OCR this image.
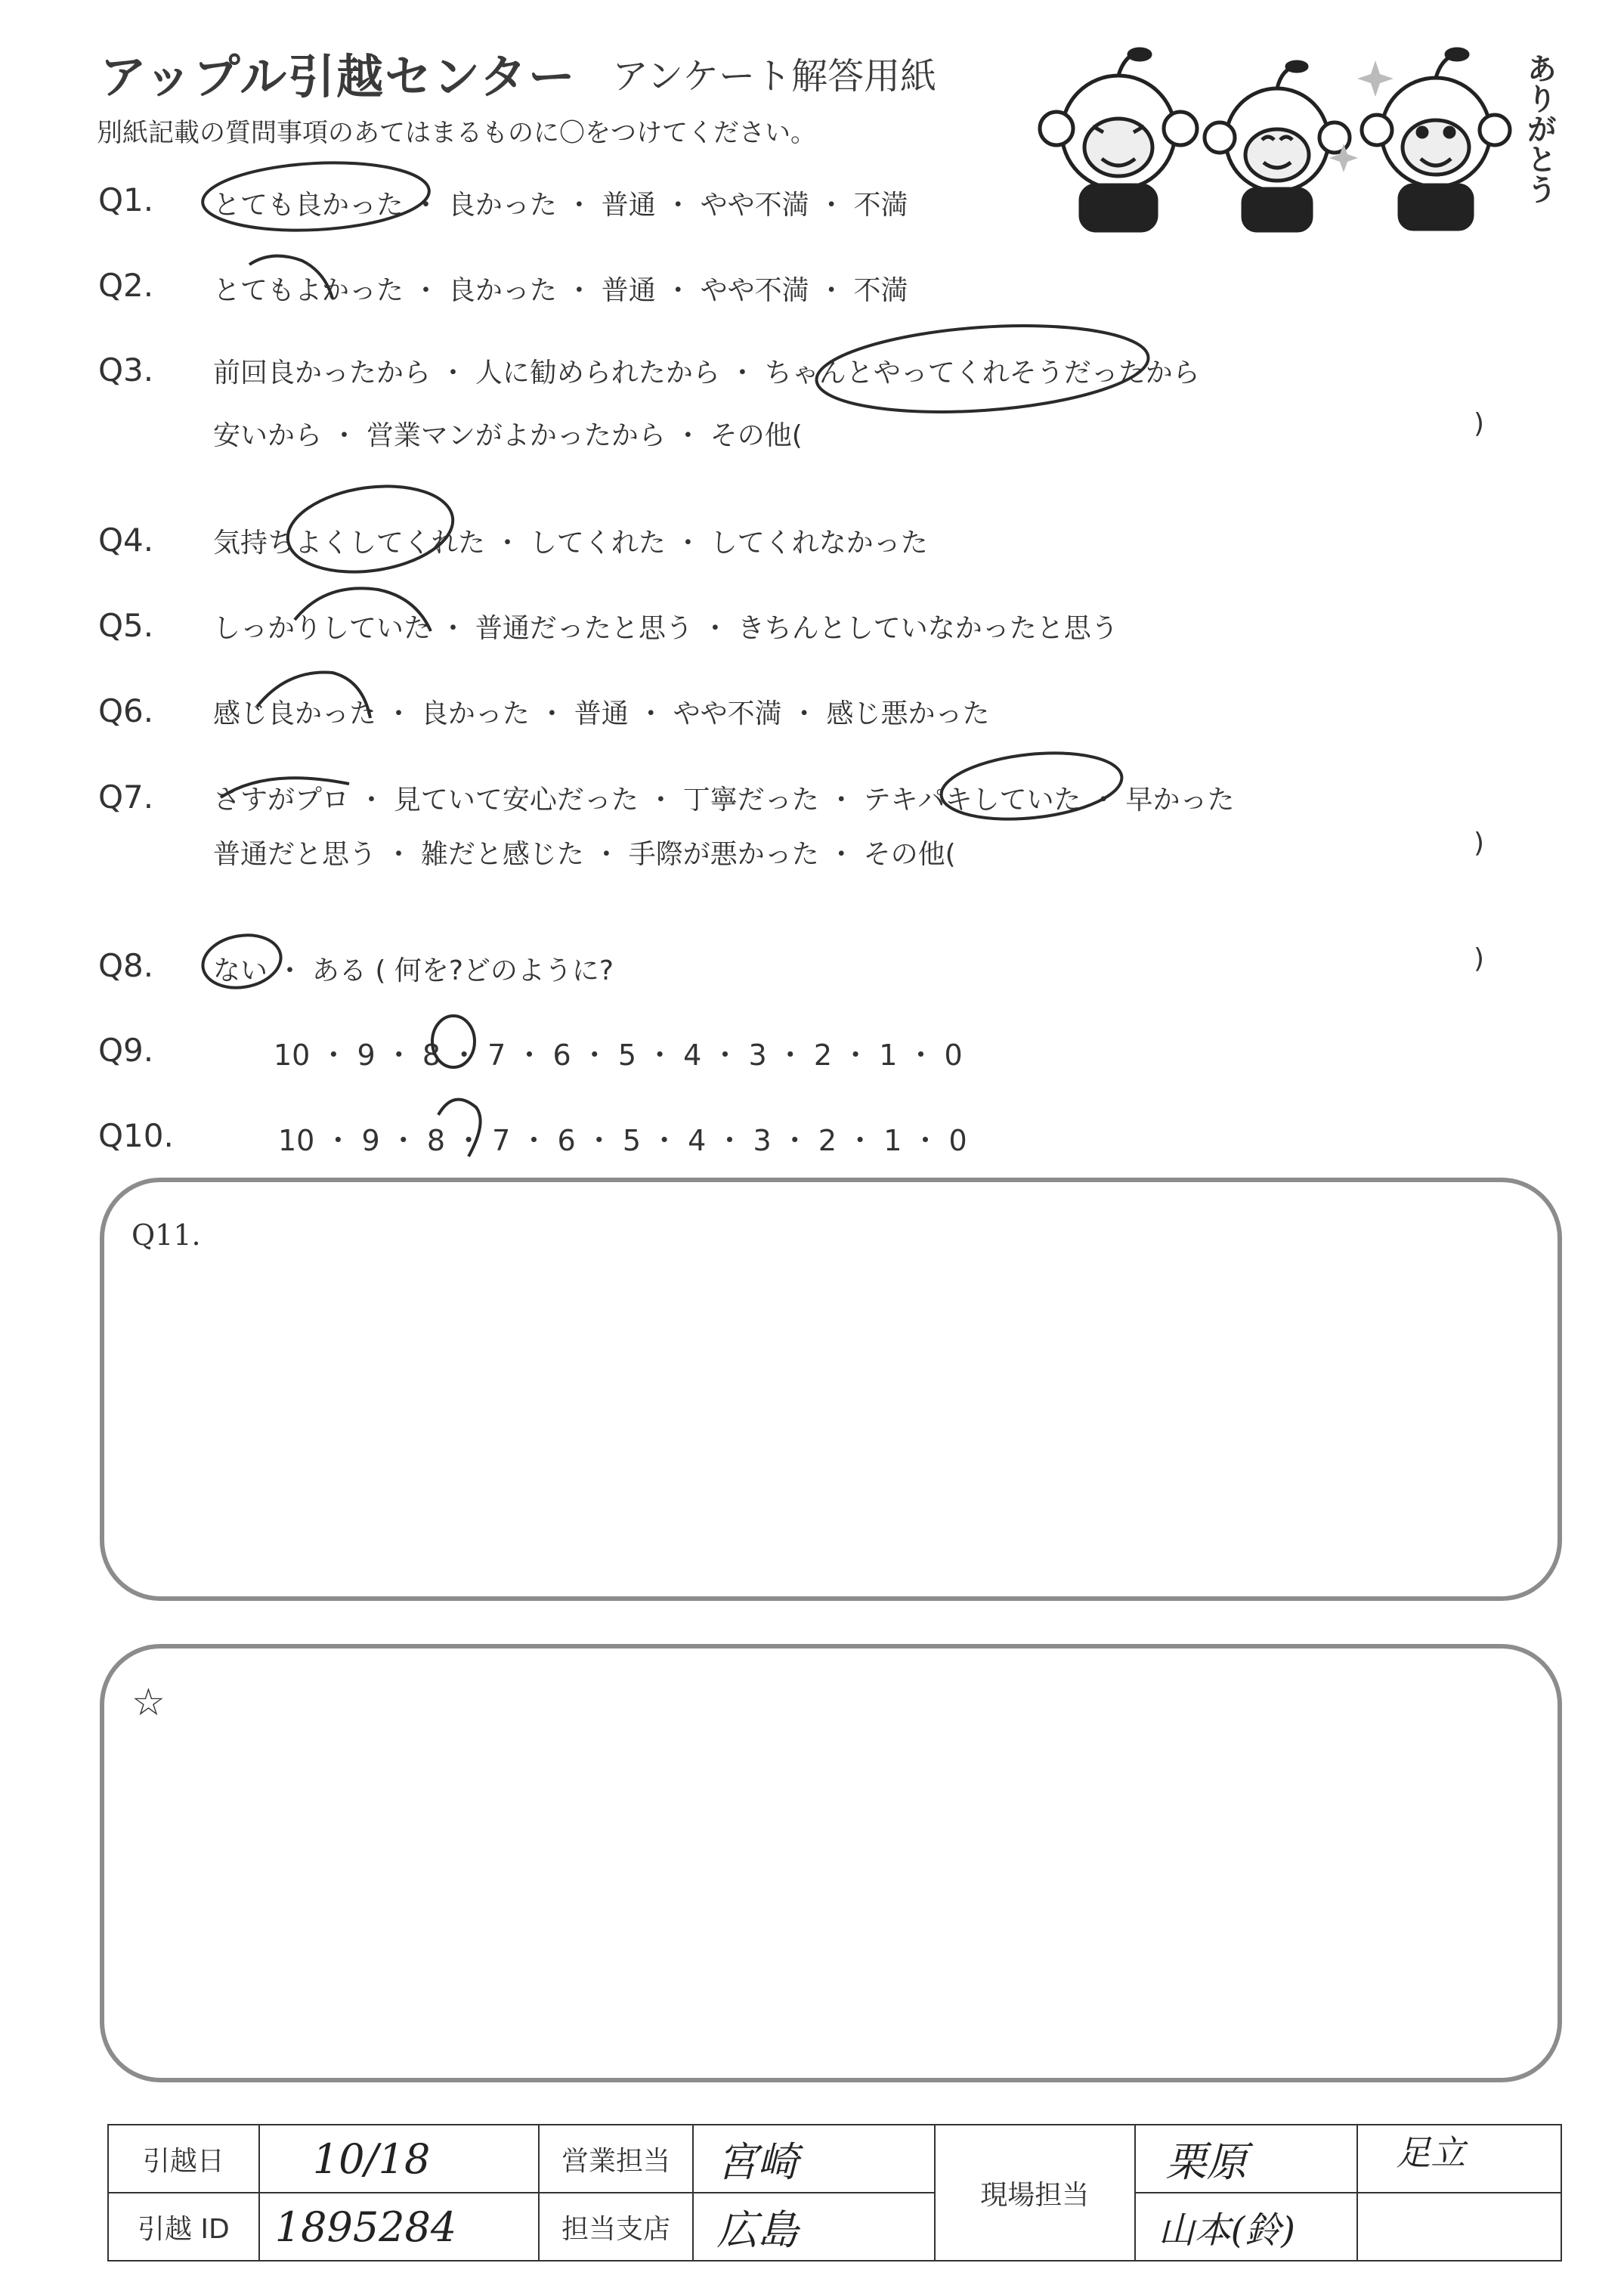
アップル引越センター アンケート解答用紙
別紙記載の質問事項のあてはまるものに〇をつけてください。	ありがとう
Q1. とても良かった ・ 良かった ・ 普通 ・ やや不満 ・ 不満
Q2. とてもよかった ・ 良かった ・ 普通 ・ やや不満 ・ 不満
Q3. 前回良かったから ・ 人に勧められたから ・ ちゃんとやってくれそうだったから
安いから ・ 営業マンがよかったから ・ その他(	)
Q4. 気持ちよくしてくれた ・ してくれた ・ してくれなかった
Q5. しっかりしていた ・ 普通だったと思う ・ きちんとしていなかったと思う
Q6. 感じ良かった ・ 良かった ・ 普通 ・ やや不満 ・ 感じ悪かった
Q7. さすがプロ ・ 見ていて安心だった ・ 丁寧だった ・ テキパキしていた ・ 早かった
普通だと思う ・ 雑だと感じた ・ 手際が悪かった ・ その他(	)
Q8. ない ・ ある ( 何を?どのように?	)
Q9.	10 ・ 9 ・ 8 ・ 7 ・ 6 ・ 5 ・ 4 ・ 3 ・ 2 ・ 1 ・ 0
Q10.	10 ・ 9 ・ 8 ・ 7 ・ 6 ・ 5 ・ 4 ・ 3 ・ 2 ・ 1 ・ 0
Q11.
☆
引越日	10/18	営業担当	宮崎	現場担当	栗原	足立
引越 ID	1895284	担当支店	広島		山本(鈴)	
